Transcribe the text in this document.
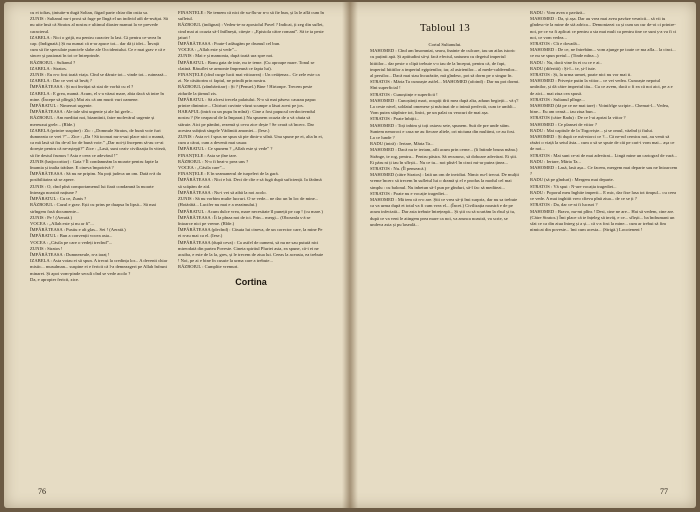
cu ei toltas, țintuite-n dugă Soltan, făgad parte chiar din ostia sa.

ZUNIS : Sultanul nu-i prost să fuge pe lîngă el un individ atît de-nvățat. Să nu uite însă că Stratos al nostru e ultimul diaster mamut la ve prevede caracterul.

IZABELA : Nici o grijă, nu pentru caracter la last. Gi pentru ce-avea în cap. (Indignată.) Și nu numai că n-ar apuce tot... dar dă ți idei... Învață cum să fie speculate punctele slabe ale Occidentului. Ce e mai grav e că e sincer și pasionat în tot ce întreprinde.

RĂZBOIUL : Sultanul ?

IZABELA : Stratos.

ZUNIS : Eu n-o fost toată viața. Cînd se dăruie tot... vinde tot... ruinează...

IZABELA : Dar ce vrei să învăț ?

ÎMPĂRĂTEASA : Și noi învățai să stai de vorbă cu el ?

IZABELA : E grea, mamă. Acum, el s-a văzut mare, abia dacă să intre în mine. (Începe să plîngă.) Mai zis că am murit vuri oamene.

ÎMPĂRATUL : Nimeruri urgente.

ÎMPĂRĂTEASA : Ale tale sînt urgente și ale lui grele...

RĂZBOIUL : Am meditat noi, bizantinii, fatre molevărul urgente și mereuzui grele... (Rîde.)

IZABELA (printre suspine) : Zic : „Domnule Stratos, de bună voie furi dumneata ce vrei ?”... Zice : „Da ! Să tocmai nu-a-sui place nici o mamă, ca mă lasă să fiu de-al lor de bună voie.” „Dar noi-ți începem să-au ce-ai dorește pentru că ne-aștepți?” Zice : „Lasă, sunt ceaiv civilizația în viteză, să fie destul frumos ! Asta e ceea ce adevărul !”

ZUNIS (batjocoritor) : Gata ? Îl condamnăm la moarte pentru fapte la îmamia și inalta trădare. E cineva împotrivă ?

ÎMPĂRĂTEASA : Să nu ne pripim. Nu poți judeca un om. Dată n-ă da posibilitatea să se apere.

ZUNIS : O, cînd pînă comportamenul lui fiară condamnă la moarte întreaga noastră națiune ?

ÎMPĂRATUL : Cu ce, Zunis ?

RĂZBOIUL : Cazul e grav. Ești cu prins pe duapsa în lipsă... Să mai strîngem fasă documente...

ZUNIS : Pe ! (Aerată.)

VOCEA : „Allah este și nu ar fi”...

ÎMPĂRĂTEASA : Pustiu e alt glas... Sei ! (Aerată.)

ÎMPĂRATUL : Bun a convenții vocea asta...

VOCEA : „Căsila pe care o vedeți trecînd”...

ZUNIS : Stratos !

ÎMPĂRĂTEASA : Dumnezeule, n-a iaraț !

IZABELA : Asta voiau ei să spun. A trecut la credința lor... A devenit chiar mistic... musulman... suspine ei e fericit că l-a demeazgeri pe Allah înfrunt minaret. Și apoi vom-pinde seculi cînd se vede acolo ?

Da, e apropier fericit, zice.

FINANTELE : Ne temem că nici de su-flu-ar n-o să fie bun, și la le află cum în sufletul.

RĂZBOIUL (indignat) : Vedeu-te-ar apostolul Pavel ? Indicai, ți zeg din suflet, cind mai ai ocazia să-l întîlnești, citește : „Epistola către romani”. Să te ia peste jaturi !

ÎMPĂRĂTEASA : Poate-l adăugăm pe drumul cel bun.

VOCEA : „Allah este și vede”...

ZUNIS : Mai e și mamonia, după toată ura spre noi.

ÎMPĂRATUL : Bonu gata de inte, nu te teme. (Cu aproape mare. Tonul se clatină. Răsuflet se armonie împreună ce fapta lui).

FINANȚELE (cînd curge lucii mai viitoarea) : Un cetățenar... Ce zele este ca zi. Ne căsătorim ci faptul, ne prindă prin nostru.

RĂZBOIUL (zâmbăvitarr) : Și ? (Penuel.) Bine ! Hirtonpe. Trecem peste zidurile la țărmul zis.

ÎMPĂRATUL : Să alcesi trecela palatului. N-o să mai păsesc cauzau papuc printre dinimice... Chiriuri cuvinte văzut scumpe a lăsat acest pe jos.

HARAPUL (intră cu un pupu în mînă) : Cine a fost papucul cerdocievndul nostru ? (Se ceapacul de la Imparat.) Nu spunem ocazia de a vă căuta să stăruie. Aici pe pămînt, rezemă și ceva zice dește ! Se ceară că încerc. Dar acestea subțină singele Vădimiii amoniei... (Iese.)

ZUNIS : Asta n-i f spus ne spun să pie dintr-o stînă. Una spune pe ei, alta în ei, cum a cărat, cum a devenit mai usuar.

ÎMPĂRATUL : Ce spunem ? „Allah este și vede” ?

FINANȚELE : Asta se țîne tare.

RĂZBOIUL : N-o fi beat-o prea uns ?

VOCEA : „Căsila care”...

FINANȚELE : E în seamanerul de turpeleri de la gară.

ÎMPĂRĂTEASA : Nici e hit. Deci de cîte e să fugă după suficiență. Ia fărâmă să scăpăm de zid.

ÎMPĂRĂTEASA : Nu-i vei să aibă la noi acolo.

ZUNIS : Să nu vorbim multe lucruri. O se vede... ne dac un în loc de mine... (Hotărâtă... Lucifer nu mai e a reazimului.)

ÎMPĂRATUL : Acum dulce vrea, mare necesitate îl puneții pe cap ! (cu mare.)

ÎMPĂRĂTEASA : Îi la pînza noi de ici. Prin... mergi... (Oboseala s-ă se întoarce nici pe vreme. (Rîde.)

ÎMPĂRĂTEASA (plecînd) : Căsuta lui cineva, de un corector care, la mine Pe ei n-au mai ca el. (Iese.)

ÎMPĂRĂTEASA (după ceva) : Ca astfel de oameni, să nu ne sau putută nici mireodată din partea Poveste. Cineta spiritul Pluriei asta, ea spune, că-i ei ne acuiba, e este de la la, gres, și le trecem de ziua lui. Ceeas la aceasta, ea trebuie ! Noi, pe ai e bine în cusute la urma care a trebuie...

RĂZBOIUL : Cumplite vremuri.

Cortina
76
Tabloul 13

Cortul Sultanului.

MAHOMED : Cînd am însomniat, searu, înainte de culcare, iau un atlas istoric cu puținii apă. Și aptitudini să-și facă efectul, uniunea cu degetul imperiul hititilor... dar peste o clipă trebuie s-o iau de la început, pentru că, de fapt, imperiul hititilor a imperiul egiptenilor, iar, al asirienilor... al mede-caldeenilor... al persilor... Dacă mai stau încurăzite, mă gîndesc, pot să dorm pe o singur în.

STRATOS : Măria Ta cunoaște astfel... MAHOMED (afoind) : Dar nu pot dormi. Sînt superficial !

STRATOS : Cunoștințe e superficii !

MAHOMED : Cunoștinți mari, ocupiți tîrii mea după alta, aduun begieții... vă ș'! La ceste nivel, soldatul omenese și măcinat de o inimă perfectă, cum te umbli... Vom putea stăpînire tot, linici, pe un palat cu veacuri de mai așa.

STRATOS : Poate înbiții...

MAHOMED : Toți inbim și toți ostavu sete, spunem. Suit de pre unde stăm. Suntem nenoroci e casa ne au fiecare altele, ori niciuna din multimi, ce au fost. La ce lunde ?

RADU (intră) : Iertare, Măria Ta...

MAHOMED : Dacă nu te iertam, afli acum prin cerne... (îi întinde bruna mâna.) Strânge, te rog, pentru... Pentru păstra. Să recunosc, să doboare adevărat. Ei știi. Ei păru ni ți iau în sfîrșit... Nu ce tu... noi pînă-l în cinci mi-ar putea ținea...

STRATOS : Nu. (Îl penseacă.)

MAHOMED (către Stratos) : Iată un om de invidiat. Nimic nu-l trecut. De mulții vreme încerc să trecem în sufletul lui o dramă și el e produs la modul cel mai simplu : cu balonul. Nu inbetun să-l pun pe gînduri, să-l fac să meditezi...

STRATOS : Poate nu e vocație tragediei...

MAHOMED : Mă tem că n-o are. Știi ce vrea să-ți îmi surpriz, dar nu sa trebuie ca va urma după et total va fi cum vrea el... (Încet.) Civilizația noastră e de pe acum infectată... Dar asta trebuie întrețeapă... Și știi cu să scurtăm la rîsul și tu, după ce va veni le atingem prea mare ca noi, va arunca noastră, va scrie, se undeva asta și pu îaseală...

RADU : Vom avea o pavăză...

MAHOMED : Da, și așa. Dar au vrea mai avea pavăze vesnicii... să vii tu gîndesc-te la mine de stă adrica... Demonizezi ca și cum un cur de-oi ci printre-noi, pe ce va fi aplicat ce pentru a sta mai mult ca pentru tine ce sunt ș-a va fi ci noi, ce vom vedea...

STRATOS : Cît e dovadă...

MAHOMED : De ce, ne întrebăm... vom ajunge pe toate ce ma afla... la cinci... ce nu se spun pretul... (Tinde mîna...)

RADU : Nu, dacă vine în ei cu ce e ai..

RADU (diferită) : Și-l... te, și-l iute.

STRATOS : Și, la urma urmei, poate nici nu vor mai ti.

MAHOMED : Privește putin la viitor... ce vei vedea. Cunoaște nepotul umînilor, și dă către imperiul tău... Cu ce avem, dacă o fi ea că noi aici, pe a e de aici... mai ziua cea spusă.

STRATOS : Sultanul plînge...

MAHOMED (dă pe ce ne mai tare) : Voinifrîge scripte... Chemat-l... Vedea, bine... Eu am ceasă... iau ziua bun...

STRATOS (către Radu) : De ce l-ai apriat la viitor ?

MAHOMED : Ce plansei de viitor ?

RADU : Mai capitule de la Tirgoviște... și se omul, văzînd ți fiului.

MAHOMED : Și după ce mă-ntorci ce ?... Că ne-nd cernicu noi, au venit să răsări o viață la setul ăsta... cum o să se spuie de căi pe cari-i vom mai... așa ce de noi...

STRATOS : Mai sunt ce-ai de mai adevărat... Lingă mine un cartograf de vară...

RADU : Iertare, Măria Ta...

MAHOMED : Lasă, lasă așa... Ce facem, mergem mai departe sau ne întoarcem ?

RADU (să pe gînduri) : Mergem mai departe.

STRATOS : Vă spui : N-are vocația tragediei...

RADU : Poporul meu înghite imperii... E mic, dar fixe lasa tot timpul... cu ceea ce vede. A mai inghitit vreo cîteva pînă ziua... de ce se ți ?

STRATOS : Da, dar ce-ai fi lucruri ?

MAHOMED : Bravo, nu-mi plîns ! Desi, cine ne are... Hai să vedem, cine are. (Către Stratos.) Îmi place că te înțeleg să invăț, e ce... sfîrșit... ba îndrumani un sfat ce ca din ziua întreg și a și... că s-a fost la mine... cum ar trebui să fim nimicat din poveste... îmi cum acesta... (Strigă.) Locotenent !

77
